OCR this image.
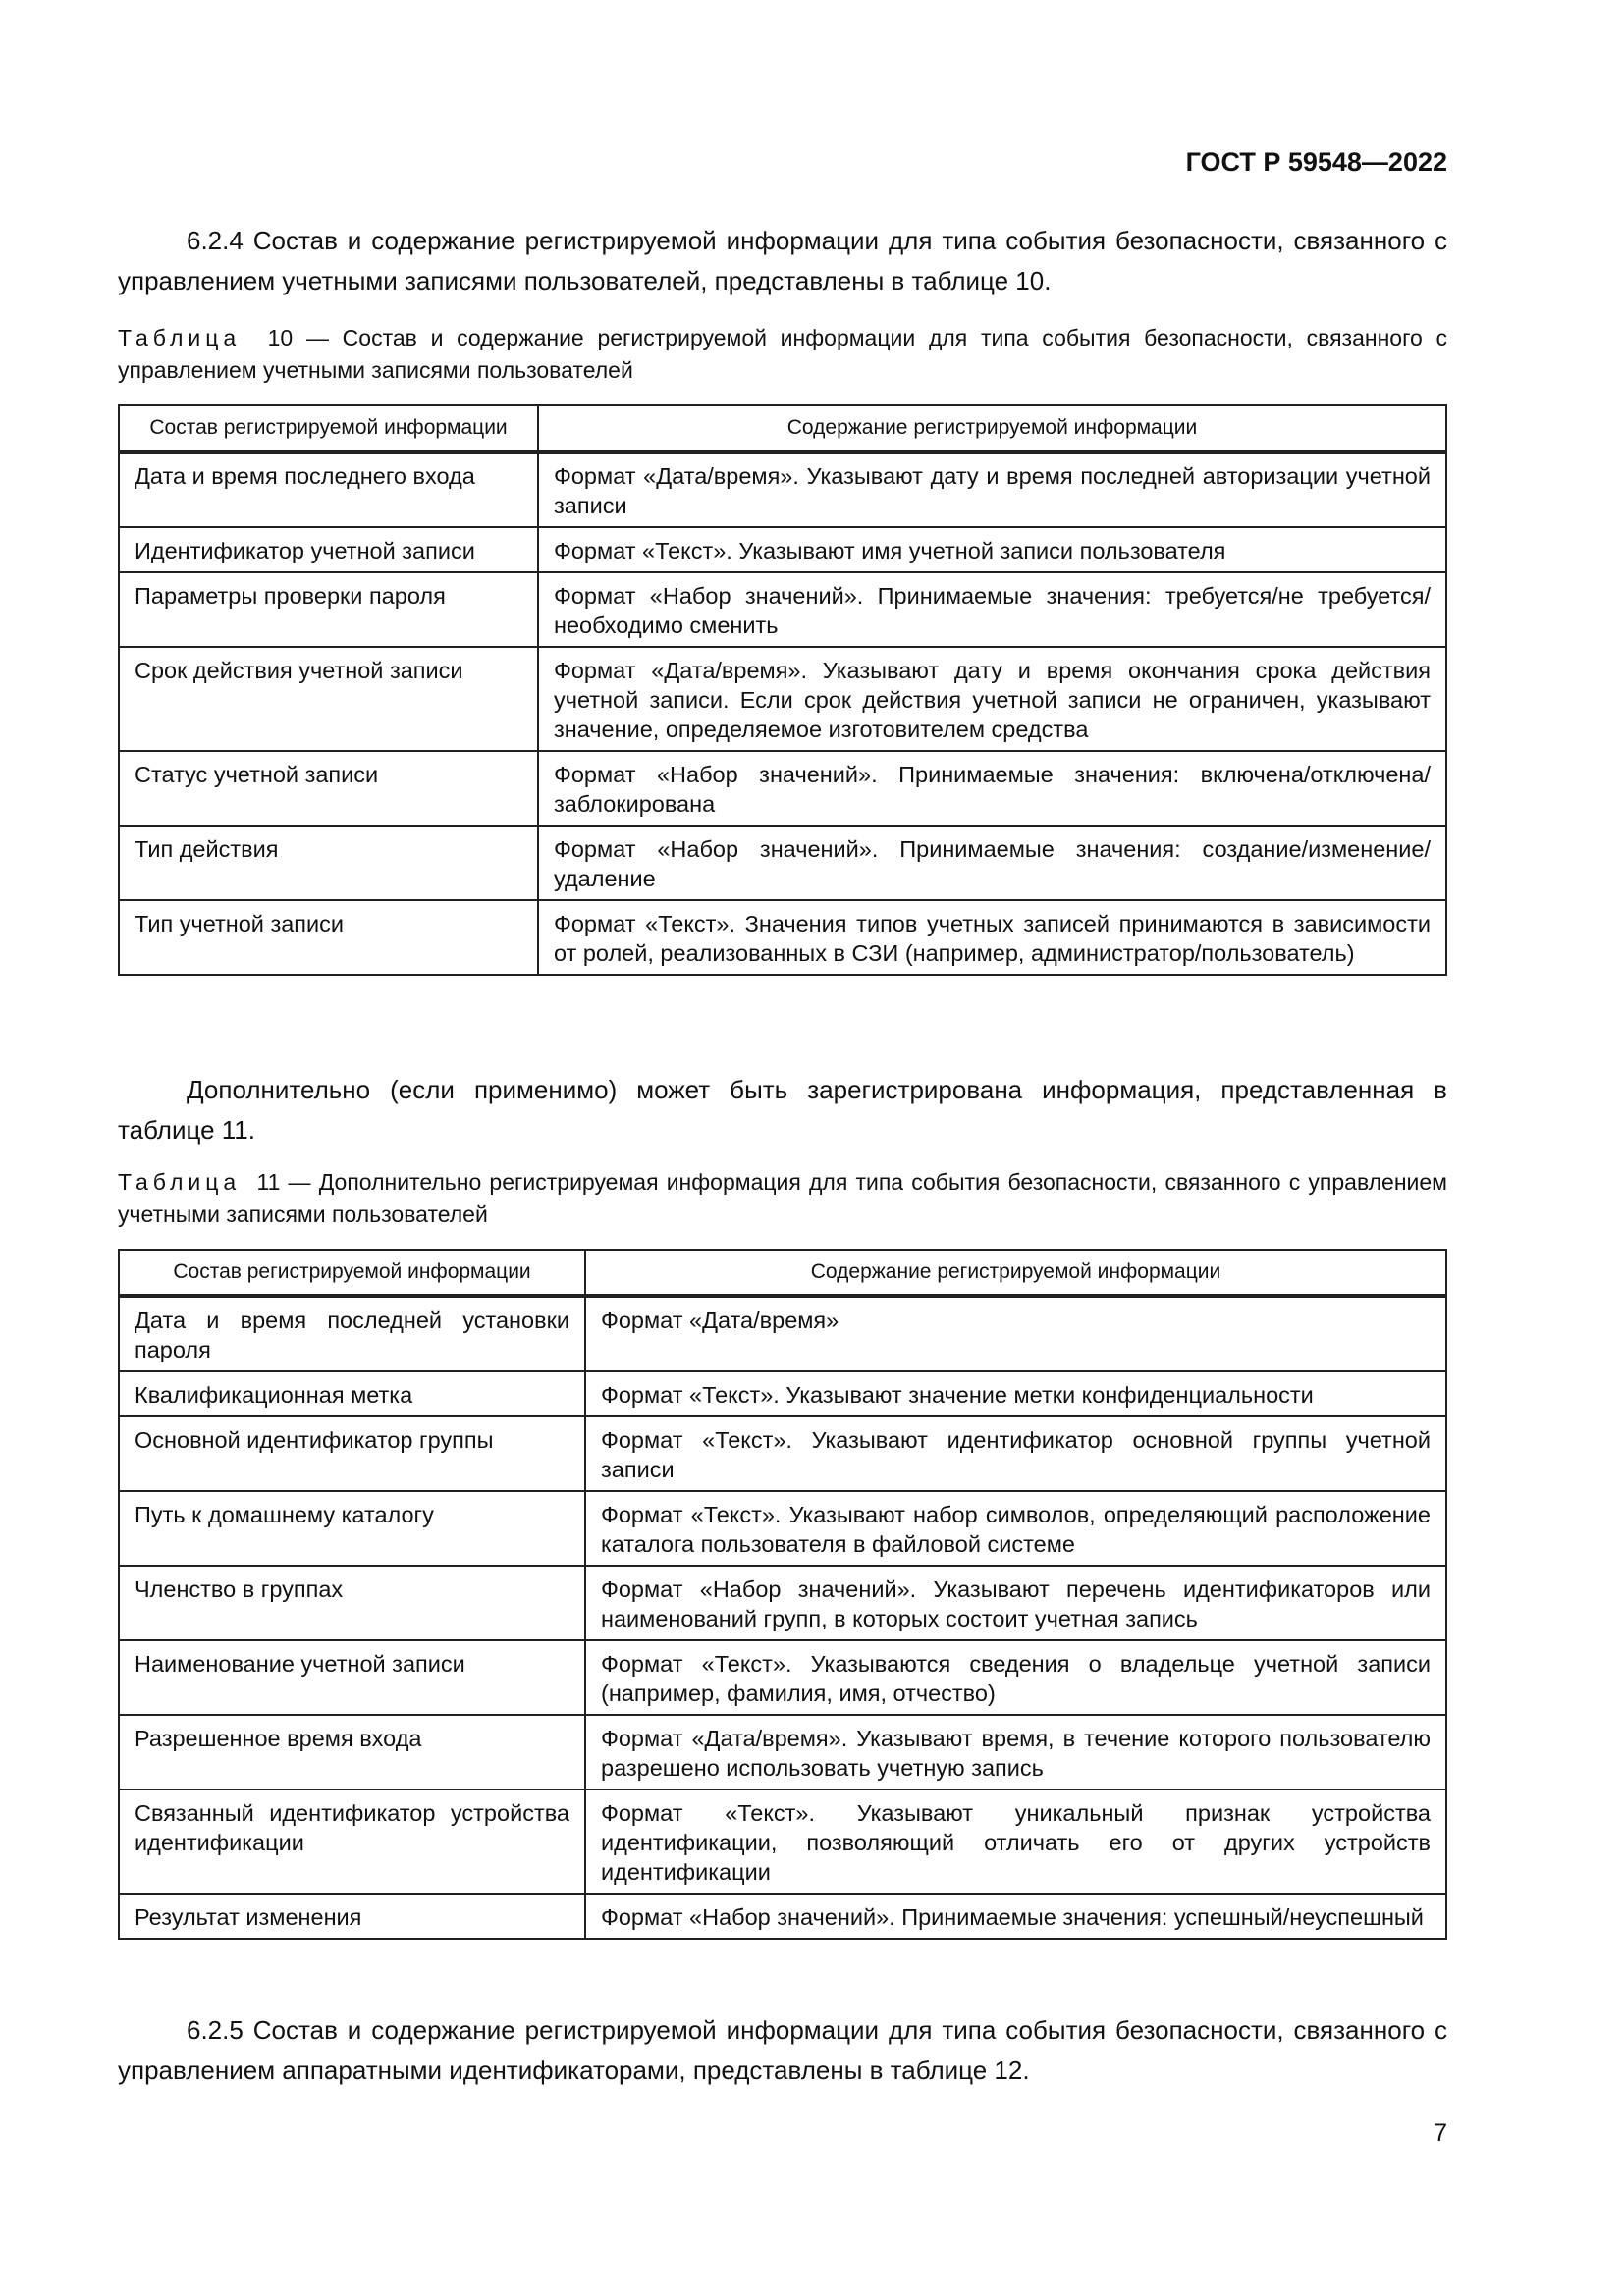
ГОСТ Р 59548—2022

6.2.4 Состав и содержание регистрируемой информации для типа события безопасности, связанного с управлением учетными записями пользователей, представлены в таблице 10.

Таблица 10 — Состав и содержание регистрируемой информации для типа события безопасности, связанного с управлением учетными записями пользователей

Состав регистрируемой информации	Содержание регистрируемой информации
Дата и время последнего входа	Формат «Дата/время». Указывают дату и время последней авторизации учетной записи
Идентификатор учетной записи	Формат «Текст». Указывают имя учетной записи пользователя
Параметры проверки пароля	Формат «Набор значений». Принимаемые значения: требуется/не требуется/необходимо сменить
Срок действия учетной записи	Формат «Дата/время». Указывают дату и время окончания срока действия учетной записи. Если срок действия учетной записи не ограничен, указывают значение, определяемое изготовителем средства
Статус учетной записи	Формат «Набор значений». Принимаемые значения: включена/отключена/заблокирована
Тип действия	Формат «Набор значений». Принимаемые значения: создание/изменение/удаление
Тип учетной записи	Формат «Текст». Значения типов учетных записей принимаются в зависимости от ролей, реализованных в СЗИ (например, администратор/пользователь)

Дополнительно (если применимо) может быть зарегистрирована информация, представленная в таблице 11.

Таблица 11 — Дополнительно регистрируемая информация для типа события безопасности, связанного с управлением учетными записями пользователей

Состав регистрируемой информации	Содержание регистрируемой информации
Дата и время последней установки пароля	Формат «Дата/время»
Квалификационная метка	Формат «Текст». Указывают значение метки конфиденциальности
Основной идентификатор группы	Формат «Текст». Указывают идентификатор основной группы учетной записи
Путь к домашнему каталогу	Формат «Текст». Указывают набор символов, определяющий расположение каталога пользователя в файловой системе
Членство в группах	Формат «Набор значений». Указывают перечень идентификаторов или наименований групп, в которых состоит учетная запись
Наименование учетной записи	Формат «Текст». Указываются сведения о владельце учетной записи (например, фамилия, имя, отчество)
Разрешенное время входа	Формат «Дата/время». Указывают время, в течение которого пользователю разрешено использовать учетную запись
Связанный идентификатор устройства идентификации	Формат «Текст». Указывают уникальный признак устройства идентификации, позволяющий отличать его от других устройств идентификации
Результат изменения	Формат «Набор значений». Принимаемые значения: успешный/неуспешный

6.2.5 Состав и содержание регистрируемой информации для типа события безопасности, связанного с управлением аппаратными идентификаторами, представлены в таблице 12.

7
